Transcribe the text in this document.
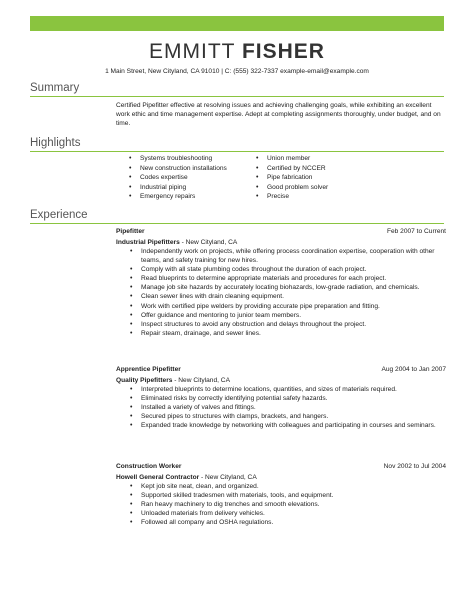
EMMITT FISHER
1 Main Street, New Cityland, CA 91010 | C: (555) 322-7337 example-email@example.com
Summary
Certified Pipefitter effective at resolving issues and achieving challenging goals, while exhibiting an excellent work ethic and time management expertise. Adept at completing assignments thoroughly, under budget, and on time.
Highlights
• Systems troubleshooting
• New construction installations
• Codes expertise
• Industrial piping
• Emergency repairs
• Union member
• Certified by NCCER
• Pipe fabrication
• Good problem solver
• Precise
Experience
Pipefitter	Feb 2007 to Current
Industrial Pipefitters - New Cityland, CA
• Independently work on projects, while offering process coordination expertise, cooperation with other teams, and safety training for new hires.
• Comply with all state plumbing codes throughout the duration of each project.
• Read blueprints to determine appropriate materials and procedures for each project.
• Manage job site hazards by accurately locating biohazards, low-grade radiation, and chemicals.
• Clean sewer lines with drain cleaning equipment.
• Work with certified pipe welders by providing accurate pipe preparation and fitting.
• Offer guidance and mentoring to junior team members.
• Inspect structures to avoid any obstruction and delays throughout the project.
• Repair steam, drainage, and sewer lines.
Apprentice Pipefitter	Aug 2004 to Jan 2007
Quality Pipefitters - New Cityland, CA
• Interpreted blueprints to determine locations, quantities, and sizes of materials required.
• Eliminated risks by correctly identifying potential safety hazards.
• Installed a variety of valves and fittings.
• Secured pipes to structures with clamps, brackets, and hangers.
• Expanded trade knowledge by networking with colleagues and participating in courses and seminars.
Construction Worker	Nov 2002 to Jul 2004
Howell General Contractor - New Cityland, CA
• Kept job site neat, clean, and organized.
• Supported skilled tradesmen with materials, tools, and equipment.
• Ran heavy machinery to dig trenches and smooth elevations.
• Unloaded materials from delivery vehicles.
• Followed all company and OSHA regulations.
